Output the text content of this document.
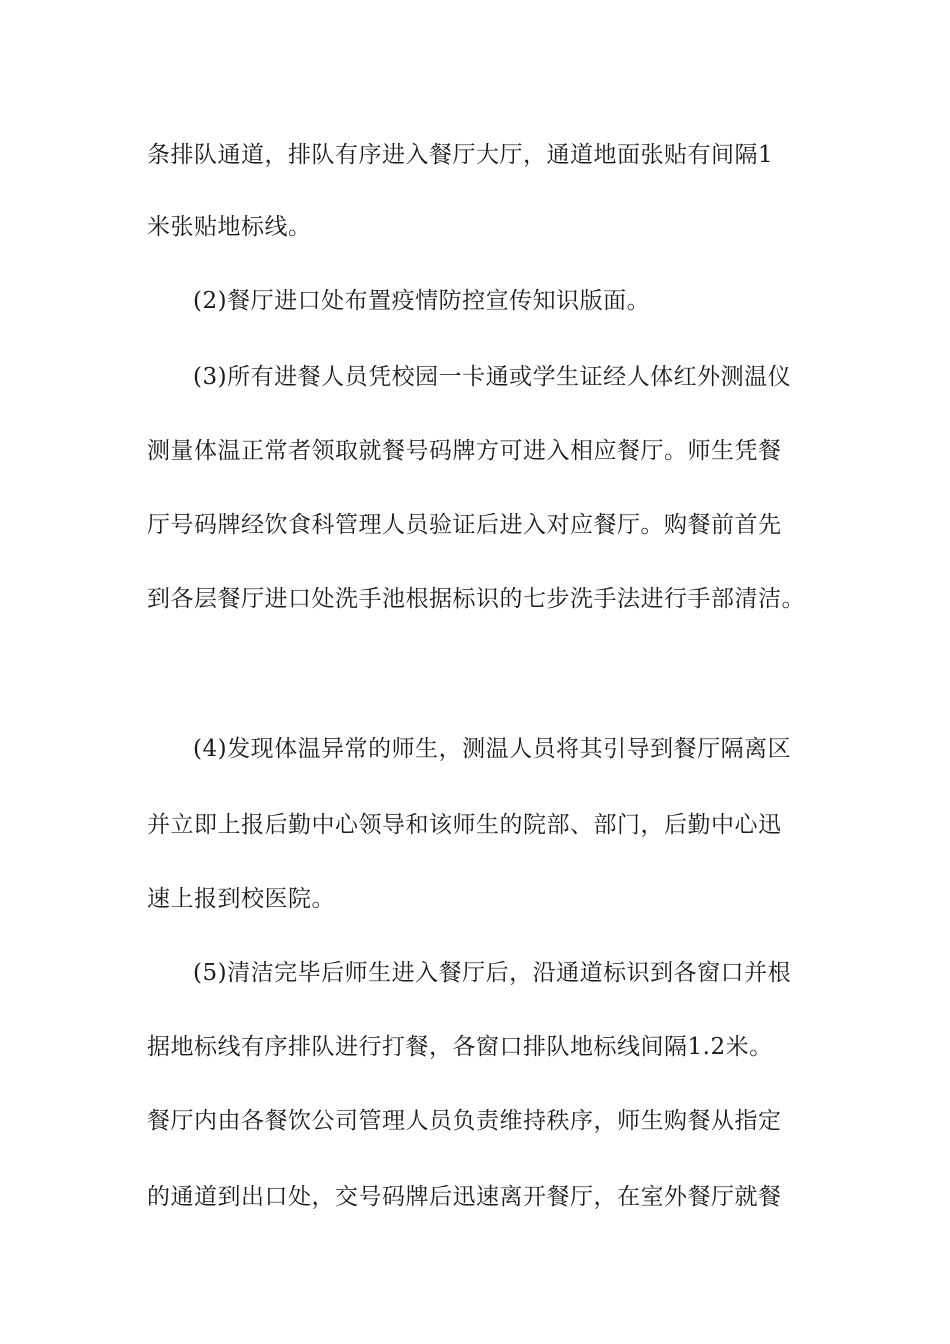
条排队通道，排队有序进入餐厅大厅，通道地面张贴有间隔1
米张贴地标线。
(2)餐厅进口处布置疫情防控宣传知识版面。
(3)所有进餐人员凭校园一卡通或学生证经人体红外测温仪
测量体温正常者领取就餐号码牌方可进入相应餐厅。师生凭餐
厅号码牌经饮食科管理人员验证后进入对应餐厅。购餐前首先
到各层餐厅进口处洗手池根据标识的七步洗手法进行手部清洁。
(4)发现体温异常的师生，测温人员将其引导到餐厅隔离区
并立即上报后勤中心领导和该师生的院部、部门，后勤中心迅
速上报到校医院。
(5)清洁完毕后师生进入餐厅后，沿通道标识到各窗口并根
据地标线有序排队进行打餐，各窗口排队地标线间隔1.2米。
餐厅内由各餐饮公司管理人员负责维持秩序，师生购餐从指定
的通道到出口处，交号码牌后迅速离开餐厅，在室外餐厅就餐
